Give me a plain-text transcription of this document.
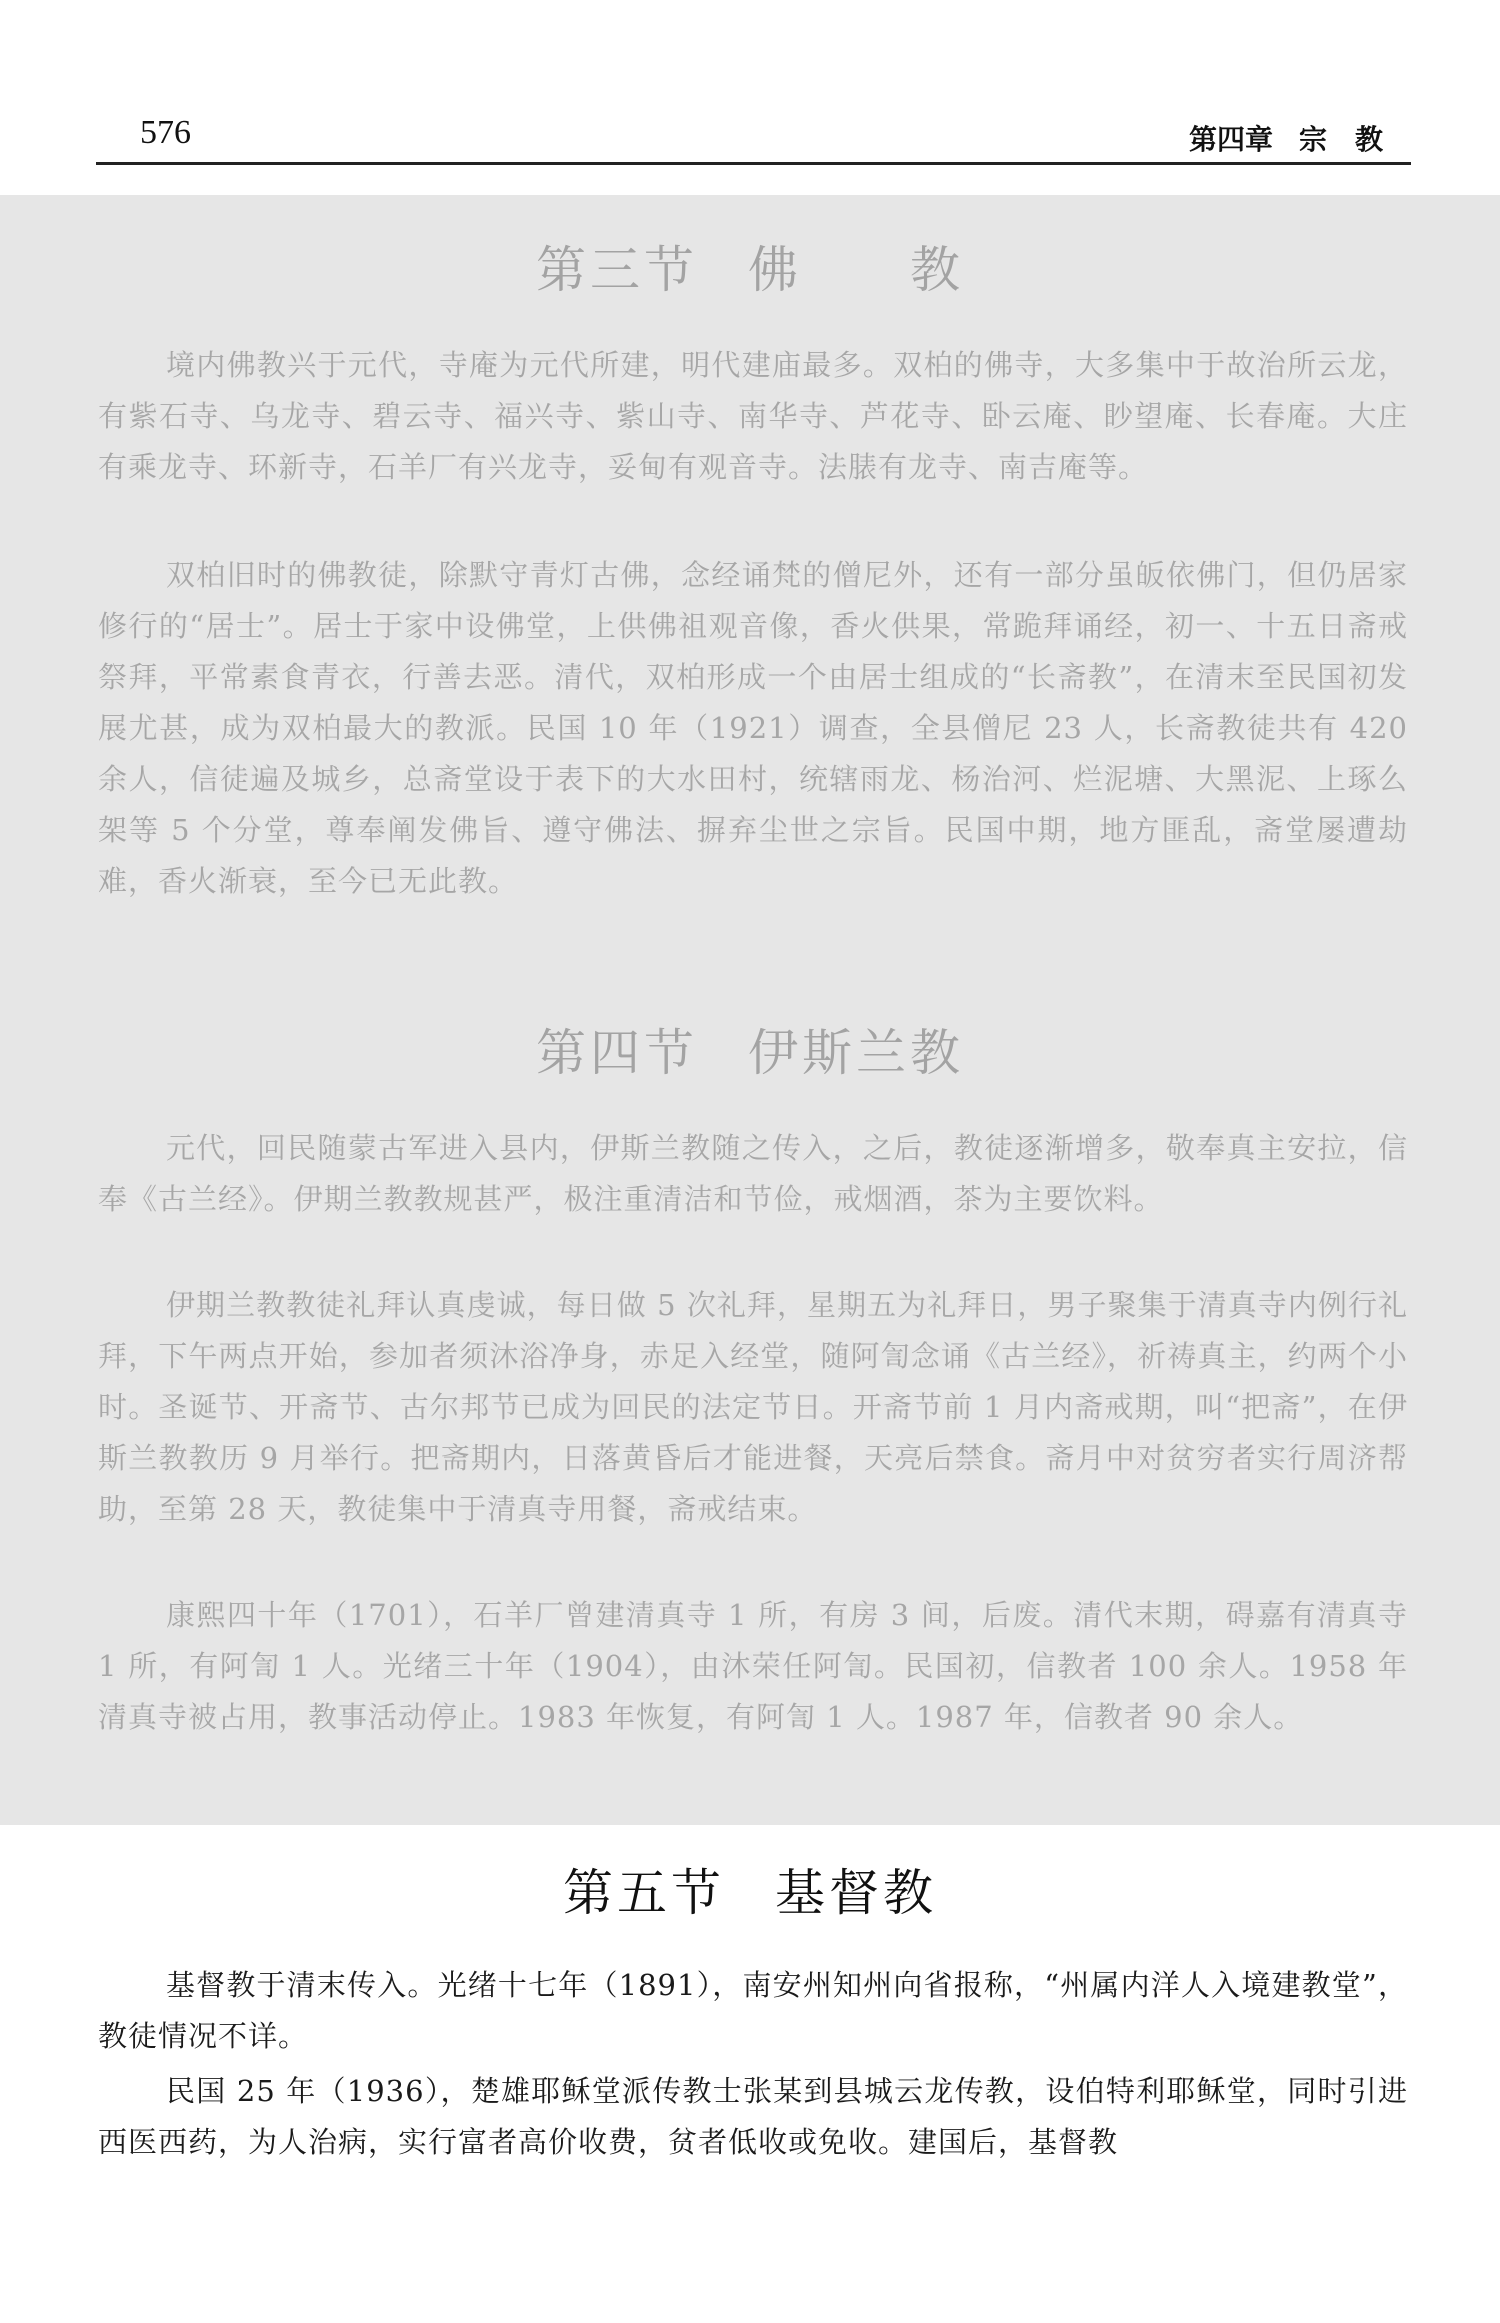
576	第四章 宗　教
第三节 佛　　教
境内佛教兴于元代，寺庵为元代所建，明代建庙最多。双柏的佛寺，大多集中于故治所云龙，有紫石寺、乌龙寺、碧云寺、福兴寺、紫山寺、南华寺、芦花寺、卧云庵、眇望庵、长春庵。大庄有乘龙寺、环新寺，石羊厂有兴龙寺，妥甸有观音寺。法脿有龙寺、南吉庵等。
双柏旧时的佛教徒，除默守青灯古佛，念经诵梵的僧尼外，还有一部分虽皈依佛门，但仍居家修行的“居士”。居士于家中设佛堂，上供佛祖观音像，香火供果，常跪拜诵经，初一、十五日斋戒祭拜，平常素食青衣，行善去恶。清代，双柏形成一个由居士组成的“长斋教”，在清末至民国初发展尤甚，成为双柏最大的教派。民国 10 年（1921）调查，全县僧尼 23 人，长斋教徒共有 420 余人，信徒遍及城乡，总斋堂设于表下的大水田村，统辖雨龙、杨治河、烂泥塘、大黑泥、上琢么架等 5 个分堂，尊奉阐发佛旨、遵守佛法、摒弃尘世之宗旨。民国中期，地方匪乱，斋堂屡遭劫难，香火渐衰，至今已无此教。
第四节 伊斯兰教
元代，回民随蒙古军进入县内，伊斯兰教随之传入，之后，教徒逐渐增多，敬奉真主安拉，信奉《古兰经》。伊期兰教教规甚严，极注重清洁和节俭，戒烟酒，茶为主要饮料。
伊期兰教教徒礼拜认真虔诚，每日做 5 次礼拜，星期五为礼拜日，男子聚集于清真寺内例行礼拜，下午两点开始，参加者须沐浴净身，赤足入经堂，随阿訇念诵《古兰经》，祈祷真主，约两个小时。圣诞节、开斋节、古尔邦节已成为回民的法定节日。开斋节前 1 月内斋戒期，叫“把斋”，在伊斯兰教教历 9 月举行。把斋期内，日落黄昏后才能进餐，天亮后禁食。斋月中对贫穷者实行周济帮助，至第 28 天，教徒集中于清真寺用餐，斋戒结束。
康熙四十年（1701），石羊厂曾建清真寺 1 所，有房 3 间，后废。清代末期，碍嘉有清真寺 1 所，有阿訇 1 人。光绪三十年（1904），由沐荣任阿訇。民国初，信教者 100 余人。1958 年清真寺被占用，教事活动停止。1983 年恢复，有阿訇 1 人。1987 年，信教者 90 余人。
第五节 基督教
基督教于清末传入。光绪十七年（1891），南安州知州向省报称，“州属内洋人入境建教堂”，教徒情况不详。
民国 25 年（1936），楚雄耶稣堂派传教士张某到县城云龙传教，设伯特利耶稣堂，同时引进西医西药，为人治病，实行富者高价收费，贫者低收或免收。建国后，基督教
